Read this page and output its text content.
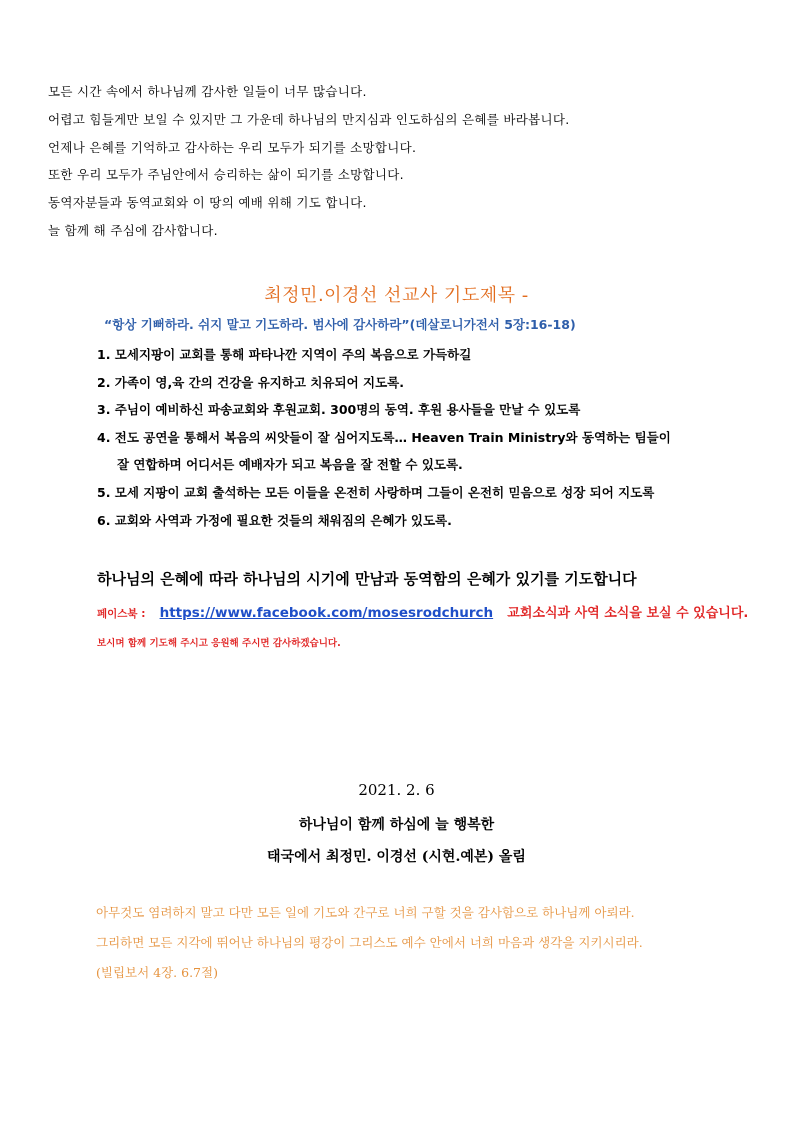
모든 시간 속에서 하나님께 감사한 일들이 너무 많습니다.

어렵고 힘들게만 보일 수 있지만 그 가운데 하나님의 만지심과 인도하심의 은혜를 바라봅니다.

언제나 은혜를 기억하고 감사하는 우리 모두가 되기를 소망합니다.

또한 우리 모두가 주님안에서 승리하는 삶이 되기를 소망합니다.

동역자분들과 동역교회와 이 땅의 예배 위해 기도 합니다.

늘 함께 해 주심에 감사합니다.

최정민.이경선 선교사 기도제목 -
“항상 기뻐하라. 쉬지 말고 기도하라. 범사에 감사하라”(데살로니가전서 5장:16-18)

1. 모세지팡이 교회를 통해 파타나깐 지역이 주의 복음으로 가득하길

2. 가족이 영,육 간의 건강을 유지하고 치유되어 지도록.

3. 주님이 예비하신 파송교회와 후원교회. 300명의 동역. 후원 용사들을 만날 수 있도록

4. 전도 공연을 통해서 복음의 씨앗들이 잘 심어지도록… Heaven Train Ministry와 동역하는 팀들이

잘 연합하며 어디서든 예배자가 되고 복음을 잘 전할 수 있도록.

5. 모세 지팡이 교회 출석하는 모든 이들을 온전히 사랑하며 그들이 온전히 믿음으로 성장 되어 지도록

6. 교회와 사역과 가정에 필요한 것들의 채워짐의 은혜가 있도록.

하나님의 은혜에 따라 하나님의 시기에 만남과 동역함의 은혜가 있기를 기도합니다
페이스북 : https://www.facebook.com/mosesrodchurch 교회소식과 사역 소식을 보실 수 있습니다.
보시며 함께 기도해 주시고 응원해 주시면 감사하겠습니다.
2021. 2. 6
하나님이 함께 하심에 늘 행복한
태국에서 최정민. 이경선 (시현.예본) 올림

아무것도 염려하지 말고 다만 모든 일에 기도와 간구로 너희 구할 것을 감사함으로 하나님께 아뢰라.

그리하면 모든 지각에 뛰어난 하나님의 평강이 그리스도 예수 안에서 너희 마음과 생각을 지키시리라.

(빌립보서 4장. 6.7절)
